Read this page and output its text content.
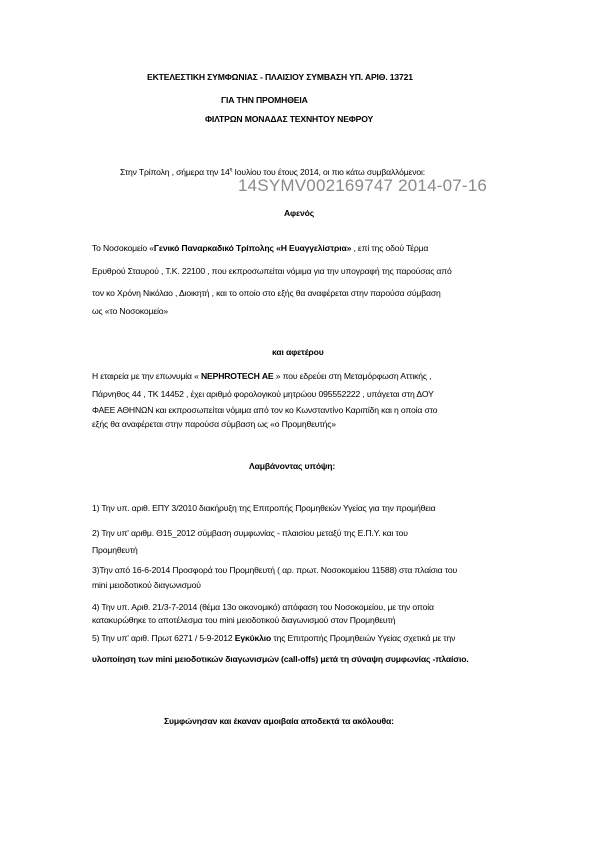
ΕΚΤΕΛΕΣΤΙΚΗ ΣΥΜΦΩΝΙΑΣ - ΠΛΑΙΣΙΟΥ ΣΥΜΒΑΣΗ ΥΠ. ΑΡΙΘ. 13721
ΓΙΑ ΤΗΝ ΠΡΟΜΗΘΕΙΑ
ΦΙΛΤΡΩΝ ΜΟΝΑΔΑΣ ΤΕΧΝΗΤΟΥ ΝΕΦΡΟΥ
Στην Τρίπολη , σήμερα την $14^\eta$ Ιουλίου του έτους 2014, οι πιο κάτω συμβαλλόμενοι:
14SYMV002169747 2014-07-16
Αφενός
Το Νοσοκομείο «Γενικό Παναρκαδικό Τρίπολης «Η Ευαγγελίστρια» , επί της οδού Τέρμα
Ερυθρού Σταυρού , Τ.Κ. 22100 , που εκπροσωπείται νόμιμα για την υπογραφή της παρούσας από
τον κο Χρόνη Νικόλαο , Διοικητή , και το οποίο στο εξής θα αναφέρεται στην παρούσα σύμβαση
ως «το Νοσοκομείο»
και αφετέρου
Η εταιρεία με την επωνυμία « NEPHROTECH ΑΕ » που εδρεύει στη Μεταμόρφωση Αττικής ,
Πάρνηθος 44 , ΤΚ 14452 , έχει αριθμό φορολογικού μητρώου 095552222 , υπάγεται στη ΔΟΥ
ΦΑΕΕ ΑΘΗΝΩΝ και εκπροσωπείται νόμιμα από τον κο Κωνσταντίνο Καριπίδη και η οποία στο
εξής θα αναφέρεται στην παρούσα σύμβαση ως «ο Προμηθευτής»
Λαμβάνοντας υπόψη:
1) Την υπ. αριθ. ΕΠΥ 3/2010 διακήρυξη της Επιτροπής Προμηθειών Υγείας για την προμήθεια
2) Την υπ' αριθμ. Θ15_2012 σύμβαση συμφωνίας - πλαισίου μεταξύ της Ε.Π.Υ. και του
Προμηθευτή
3)Την από 16-6-2014 Προσφορά του Προμηθευτή ( αρ. πρωτ. Νοσοκομείου 11588) στα πλαίσια του
mini μειοδοτικού διαγωνισμού
4) Την υπ. Αριθ. 21/3-7-2014 (θέμα 13ο οικονομικό) απόφαση του Νοσοκομείου, με την οποία
κατακυρώθηκε το αποτέλεσμα του mini μειοδοτικού διαγωνισμού στον Προμηθευτή
5) Την υπ' αριθ. Πρωτ 6271 / 5-9-2012 Εγκύκλιο της Επιτροπής Προμηθειών Υγείας σχετικά με την
υλοποίηση των mini μειοδοτικών διαγωνισμών (call-offs) μετά τη σύναψη συμφωνίας -πλαίσιο.
Συμφώνησαν και έκαναν αμοιβαία αποδεκτά τα ακόλουθα:
